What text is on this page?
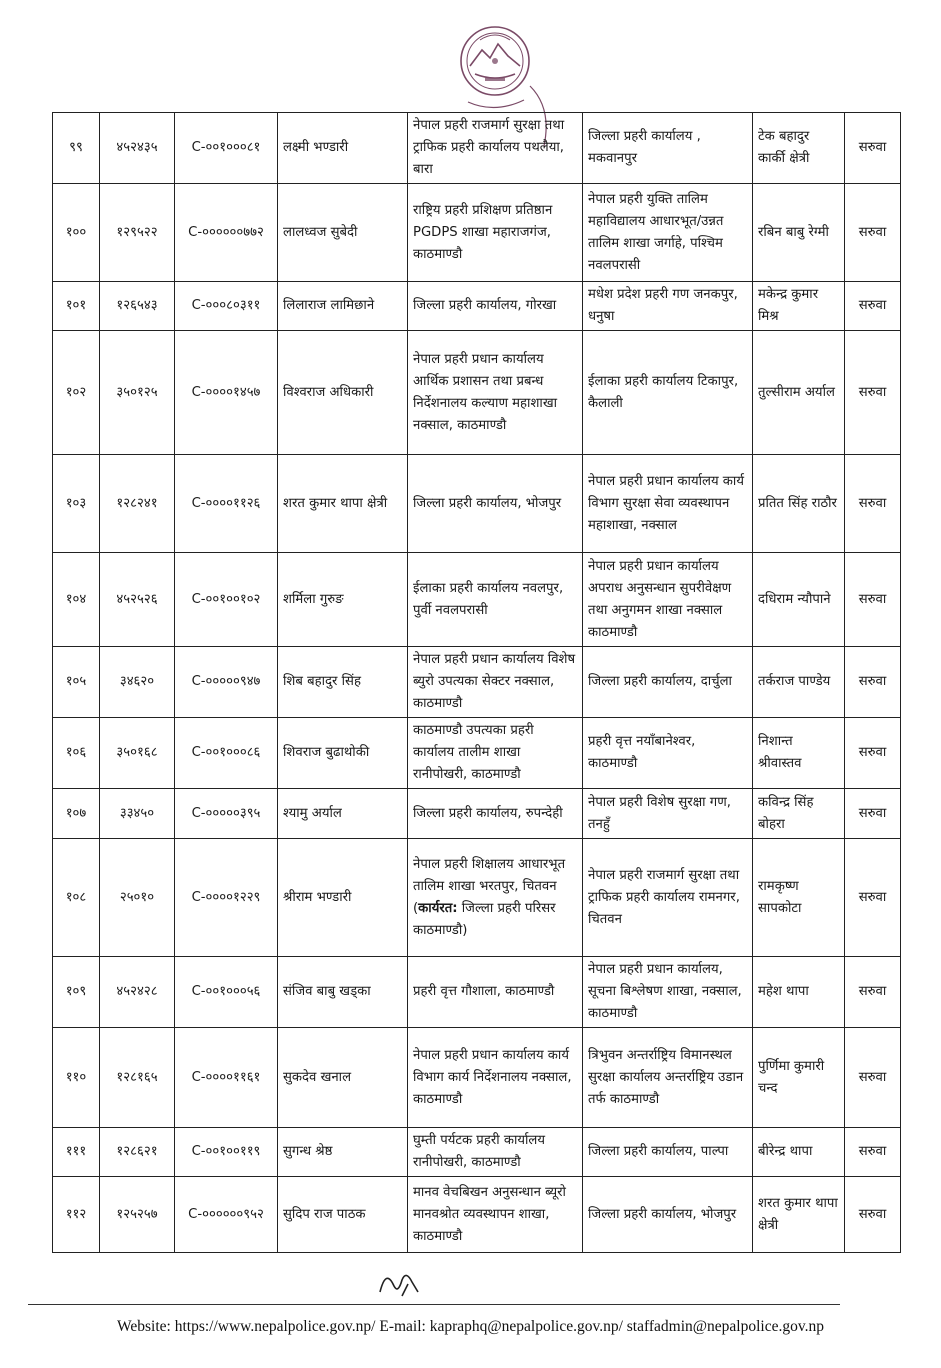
९९	४५२४३५	C-००१०००८१	लक्ष्मी भण्डारी	नेपाल प्रहरी राजमार्ग सुरक्षा तथा ट्राफिक प्रहरी कार्यालय पथलैया, बारा	जिल्ला प्रहरी कार्यालय , मकवानपुर	टेक बहादुर कार्की क्षेत्री	सरुवा
१००	१२९५२२	C-००००००७७२	लालध्वज सुबेदी	राष्ट्रिय प्रहरी प्रशिक्षण प्रतिष्ठान PGDPS शाखा महाराजगंज, काठमाण्डौ	नेपाल प्रहरी युक्ति तालिम महाविद्यालय आधारभूत/उन्नत तालिम शाखा जर्गाहे, पश्चिम नवलपरासी	रबिन बाबु रेग्मी	सरुवा
१०१	१२६५४३	C-०००८०३११	लिलाराज लामिछाने	जिल्ला प्रहरी कार्यालय, गोरखा	मधेश प्रदेश प्रहरी गण जनकपुर, धनुषा	मकेन्द्र कुमार मिश्र	सरुवा
१०२	३५०१२५	C-००००१४५७	विश्वराज अधिकारी	नेपाल प्रहरी प्रधान कार्यालय आर्थिक प्रशासन तथा प्रबन्ध निर्देशनालय कल्याण महाशाखा नक्साल, काठमाण्डौ	ईलाका प्रहरी कार्यालय टिकापुर, कैलाली	तुल्सीराम अर्याल	सरुवा
१०३	१२८२४१	C-००००११२६	शरत कुमार थापा क्षेत्री	जिल्ला प्रहरी कार्यालय, भोजपुर	नेपाल प्रहरी प्रधान कार्यालय कार्य विभाग सुरक्षा सेवा व्यवस्थापन महाशाखा, नक्साल	प्रतित सिंह राठौर	सरुवा
१०४	४५२५२६	C-००१००१०२	शर्मिला गुरुङ	ईलाका प्रहरी कार्यालय नवलपुर, पुर्वी नवलपरासी	नेपाल प्रहरी प्रधान कार्यालय अपराध अनुसन्धान सुपरीवेक्षण तथा अनुगमन शाखा नक्साल काठमाण्डौ	दधिराम न्यौपाने	सरुवा
१०५	३४६२०	C-०००००९४७	शिब बहादुर सिंह	नेपाल प्रहरी प्रधान कार्यालय विशेष ब्युरो उपत्यका सेक्टर नक्साल, काठमाण्डौ	जिल्ला प्रहरी कार्यालय, दार्चुला	तर्कराज पाण्डेय	सरुवा
१०६	३५०१६८	C-००१०००८६	शिवराज बुढाथोकी	काठमाण्डौ उपत्यका प्रहरी कार्यालय तालीम शाखा रानीपोखरी, काठमाण्डौ	प्रहरी वृत्त नयाँबानेश्वर, काठमाण्डौ	निशान्त श्रीवास्तव	सरुवा
१०७	३३४५०	C-०००००३९५	श्यामु अर्याल	जिल्ला प्रहरी कार्यालय, रुपन्देही	नेपाल प्रहरी विशेष सुरक्षा गण, तनहुँ	कविन्द्र सिंह बोहरा	सरुवा
१०८	२५०१०	C-००००१२२९	श्रीराम भण्डारी	नेपाल प्रहरी शिक्षालय आधारभूत तालिम शाखा भरतपुर, चितवन (कार्यरत: जिल्ला प्रहरी परिसर काठमाण्डौ)	नेपाल प्रहरी राजमार्ग सुरक्षा तथा ट्राफिक प्रहरी कार्यालय रामनगर, चितवन	रामकृष्ण सापकोटा	सरुवा
१०९	४५२४२८	C-००१०००५६	संजिव बाबु खड्का	प्रहरी वृत्त गौशाला, काठमाण्डौ	नेपाल प्रहरी प्रधान कार्यालय, सूचना बिश्लेषण शाखा, नक्साल, काठमाण्डौ	महेश थापा	सरुवा
११०	१२८१६५	C-००००११६१	सुकदेव खनाल	नेपाल प्रहरी प्रधान कार्यालय कार्य विभाग कार्य निर्देशनालय नक्साल, काठमाण्डौ	त्रिभुवन अन्तर्राष्ट्रिय विमानस्थल सुरक्षा कार्यालय अन्तर्राष्ट्रिय उडान तर्फ काठमाण्डौ	पुर्णिमा कुमारी चन्द	सरुवा
१११	१२८६२१	C-००१००११९	सुगन्ध श्रेष्ठ	घुम्ती पर्यटक प्रहरी कार्यालय रानीपोखरी, काठमाण्डौ	जिल्ला प्रहरी कार्यालय, पाल्पा	बीरेन्द्र थापा	सरुवा
११२	१२५२५७	C-००००००९५२	सुदिप राज पाठक	मानव वेचबिखन अनुसन्धान ब्यूरो मानवश्रोत व्यवस्थापन शाखा, काठमाण्डौ	जिल्ला प्रहरी कार्यालय, भोजपुर	शरत कुमार थापा क्षेत्री	सरुवा
Website: https://www.nepalpolice.gov.np/ E-mail: kapraphq@nepalpolice.gov.np/ staffadmin@nepalpolice.gov.np
